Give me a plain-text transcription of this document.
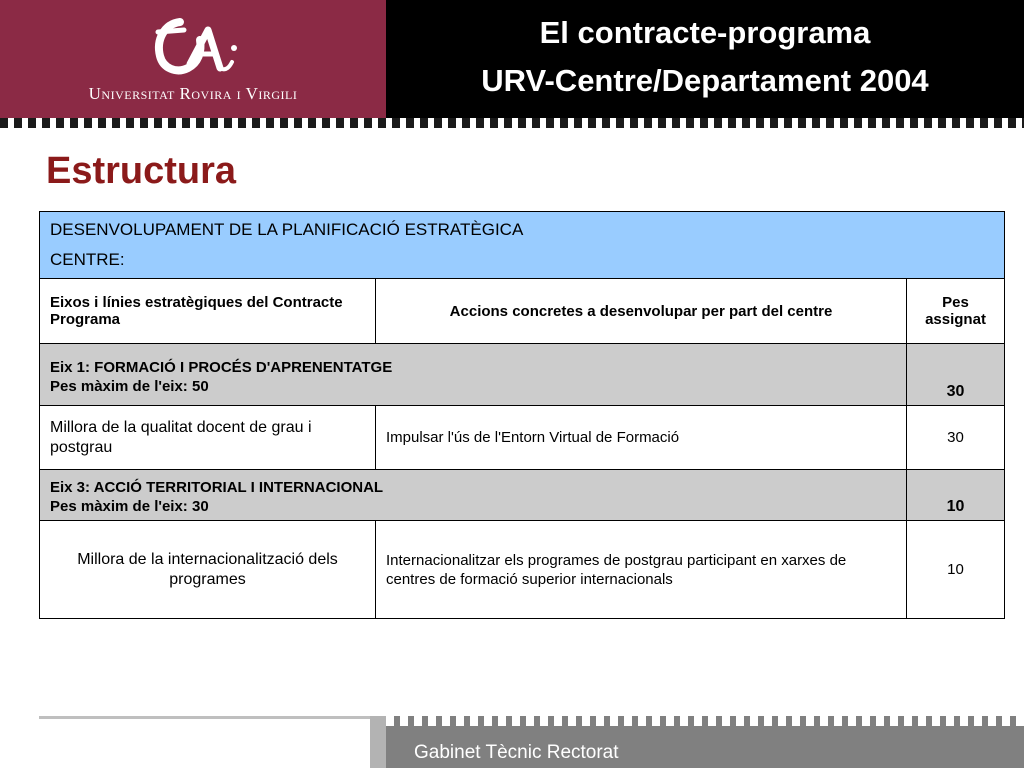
Universitat Rovira i Virgili
El contracte-programa
URV-Centre/Departament 2004
Estructura
DESENVOLUPAMENT DE LA PLANIFICACIÓ ESTRATÈGICA
CENTRE:		

Eixos i línies estratègiques del Contracte Programa	Accions concretes a desenvolupar per part del centre	Pes assignat

Eix 1: FORMACIÓ I PROCÉS D'APRENENTATGE
Pes màxim de l'eix: 50		30
Millora de la qualitat docent de grau i postgrau	Impulsar l'ús de l'Entorn Virtual de Formació	30

Eix 3: ACCIÓ TERRITORIAL I INTERNACIONAL
Pes màxim de l'eix: 30		10
Millora de la internacionalització dels programes	Internacionalitzar els programes de postgrau participant en xarxes de centres de formació superior internacionals	10
Gabinet Tècnic Rectorat
